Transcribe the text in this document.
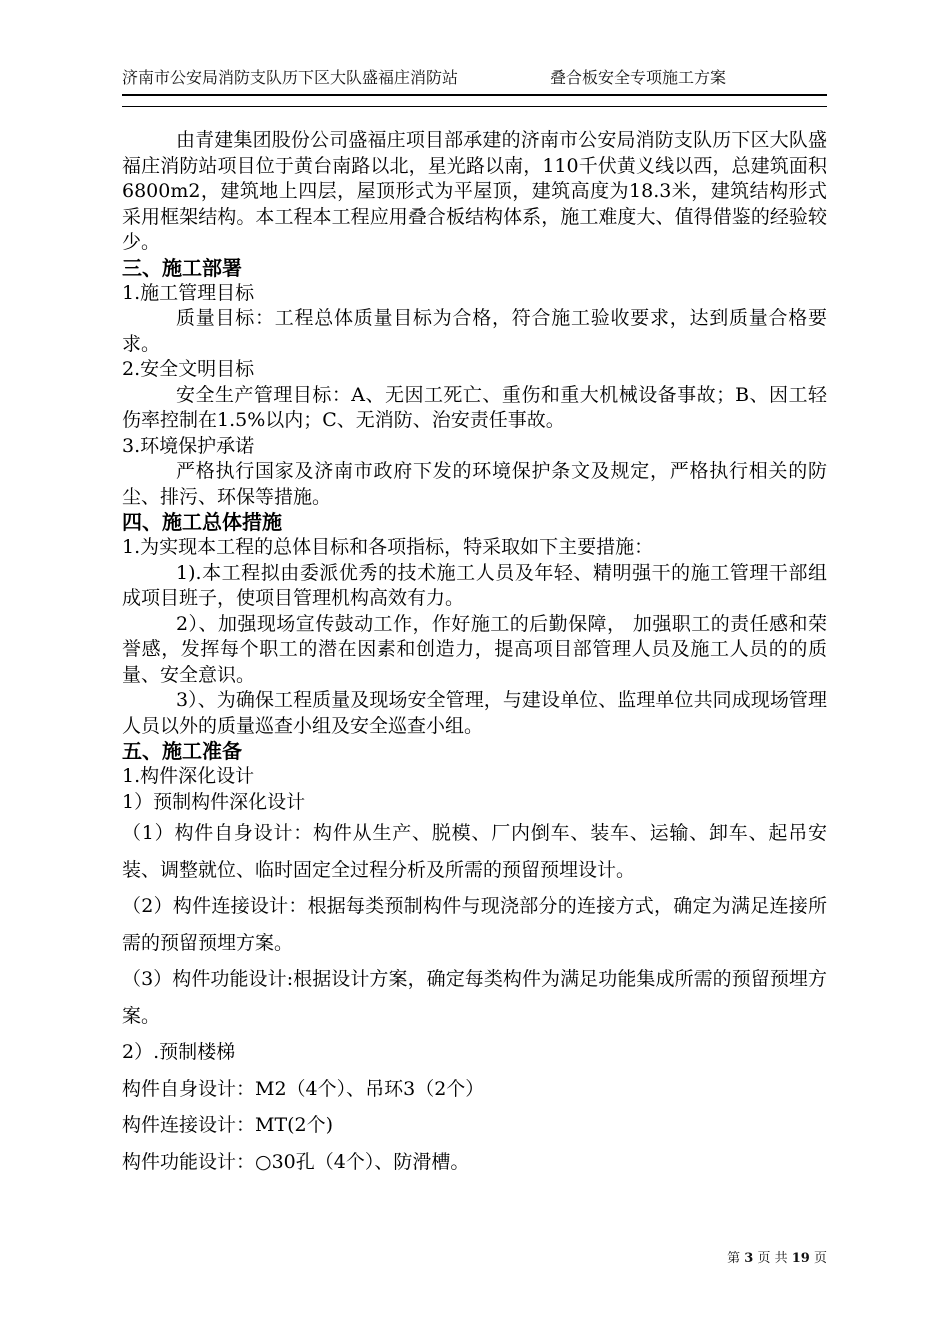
济南市公安局消防支队历下区大队盛福庄消防站	叠合板安全专项施工方案

由青建集团股份公司盛福庄项目部承建的济南市公安局消防支队历下区大队盛福庄消防站项目位于黄台南路以北，星光路以南，110千伏黄义线以西，总建筑面积6800m2，建筑地上四层，屋顶形式为平屋顶，建筑高度为18.3米，建筑结构形式采用框架结构。本工程本工程应用叠合板结构体系，施工难度大、值得借鉴的经验较少。

三、施工部署

1.施工管理目标

质量目标：工程总体质量目标为合格，符合施工验收要求，达到质量合格要求。

2.安全文明目标

安全生产管理目标：A、无因工死亡、重伤和重大机械设备事故；B、因工轻伤率控制在1.5%以内；C、无消防、治安责任事故。

3.环境保护承诺

严格执行国家及济南市政府下发的环境保护条文及规定，严格执行相关的防尘、排污、环保等措施。

四、施工总体措施

1.为实现本工程的总体目标和各项指标，特采取如下主要措施：

1).本工程拟由委派优秀的技术施工人员及年轻、精明强干的施工管理干部组成项目班子，使项目管理机构高效有力。

2）、加强现场宣传鼓动工作，作好施工的后勤保障， 加强职工的责任感和荣誉感，发挥每个职工的潜在因素和创造力，提高项目部管理人员及施工人员的的质量、安全意识。

3）、为确保工程质量及现场安全管理，与建设单位、监理单位共同成现场管理人员以外的质量巡查小组及安全巡查小组。

五、施工准备

1.构件深化设计

1）预制构件深化设计

（1）构件自身设计：构件从生产、脱模、厂内倒车、装车、运输、卸车、起吊安装、调整就位、临时固定全过程分析及所需的预留预埋设计。

（2）构件连接设计：根据每类预制构件与现浇部分的连接方式，确定为满足连接所需的预留预埋方案。

（3）构件功能设计:根据设计方案，确定每类构件为满足功能集成所需的预留预埋方案。

2）.预制楼梯

构件自身设计：M2（4个）、吊环3（2个）

构件连接设计：MT(2个)

构件功能设计：○30孔（4个）、防滑槽。

第 3 页 共 19 页
